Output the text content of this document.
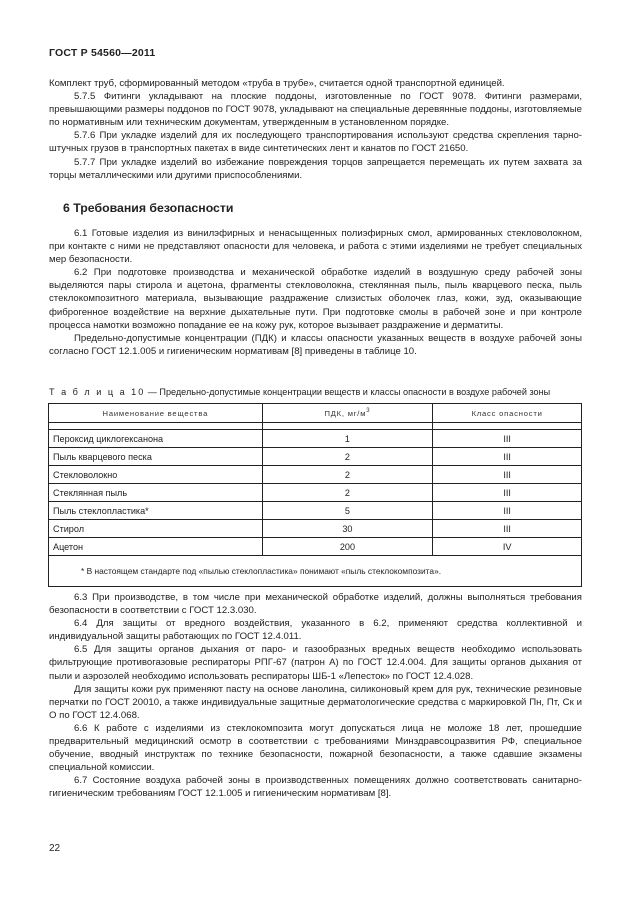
ГОСТ Р 54560—2011

Комплект труб, сформированный методом «труба в трубе», считается одной транспортной единицей.

5.7.5 Фитинги укладывают на плоские поддоны, изготовленные по ГОСТ 9078. Фитинги размерами, превышающими размеры поддонов по ГОСТ 9078, укладывают на специальные деревянные поддоны, изготовляемые по нормативным или техническим документам, утвержденным в установленном порядке.

5.7.6 При укладке изделий для их последующего транспортирования используют средства скрепления тарно-штучных грузов в транспортных пакетах в виде синтетических лент и канатов по ГОСТ 21650.

5.7.7 При укладке изделий во избежание повреждения торцов запрещается перемещать их путем захвата за торцы металлическими или другими приспособлениями.

6 Требования безопасности

6.1 Готовые изделия из винилэфирных и ненасыщенных полиэфирных смол, армированных стекловолокном, при контакте с ними не представляют опасности для человека, и работа с этими изделиями не требует специальных мер безопасности.

6.2 При подготовке производства и механической обработке изделий в воздушную среду рабочей зоны выделяются пары стирола и ацетона, фрагменты стекловолокна, стеклянная пыль, пыль кварцевого песка, пыль стеклокомпозитного материала, вызывающие раздражение слизистых оболочек глаз, кожи, зуд, оказывающие фиброгенное воздействие на верхние дыхательные пути. При подготовке смолы в рабочей зоне и при контроле процесса намотки возможно попадание ее на кожу рук, которое вызывает раздражение и дерматиты.

Предельно-допустимые концентрации (ПДК) и классы опасности указанных веществ в воздухе рабочей зоны согласно ГОСТ 12.1.005 и гигиеническим нормативам [8] приведены в таблице 10.

Т а б л и ц а 10 — Предельно-допустимые концентрации веществ и классы опасности в воздухе рабочей зоны
Наименование вещества	ПДК, $мг/м^3$	Класс опасности

Пероксид циклогексанона	1	III
Пыль кварцевого песка	2	III
Стекловолокно	2	III
Стеклянная пыль	2	III
Пыль стеклопластика*	5	III
Стирол	30	III
Ацетон	200	IV
* В настоящем стандарте под «пылью стеклопластика» понимают «пыль стеклокомпозита».		

6.3 При производстве, в том числе при механической обработке изделий, должны выполняться требования безопасности в соответствии с ГОСТ 12.3.030.

6.4 Для защиты от вредного воздействия, указанного в 6.2, применяют средства коллективной и индивидуальной защиты работающих по ГОСТ 12.4.011.

6.5 Для защиты органов дыхания от паро- и газообразных вредных веществ необходимо использовать фильтрующие противогазовые респираторы РПГ-67 (патрон А) по ГОСТ 12.4.004. Для защиты органов дыхания от пыли и аэрозолей необходимо использовать респираторы ШБ-1 «Лепесток» по ГОСТ 12.4.028.

Для защиты кожи рук применяют пасту на основе ланолина, силиконовый крем для рук, технические резиновые перчатки по ГОСТ 20010, а также индивидуальные защитные дерматологические средства с маркировкой Пн, Пт, Ск и О по ГОСТ 12.4.068.

6.6 К работе с изделиями из стеклокомпозита могут допускаться лица не моложе 18 лет, прошедшие предварительный медицинский осмотр в соответствии с требованиями Минздравсоцразвития РФ, специальное обучение, вводный инструктаж по технике безопасности, пожарной безопасности, а также сдавшие экзамены специальной комиссии.

6.7 Состояние воздуха рабочей зоны в производственных помещениях должно соответствовать санитарно-гигиеническим требованиям ГОСТ 12.1.005 и гигиеническим нормативам [8].

22
